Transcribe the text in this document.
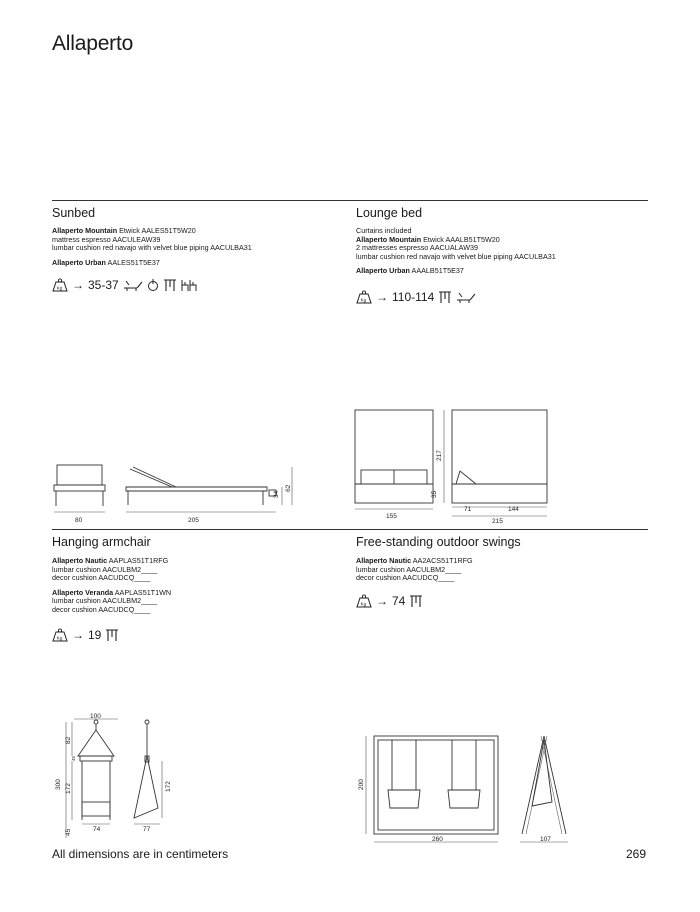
Allaperto
Sunbed
Allaperto Mountain Etwick AALES51T5W20
mattress espresso AACULEAW39
lumbar cushion red navajo with velvet blue piping AACULBA31
Allaperto Urban AALES51T5E37
Kg → 35-37
80	205
34
62
Lounge bed
Curtains included
Allaperto Mountain Etwick AAALB51T5W20
2 mattresses espresso AACUALAW39
lumbar cushion red navajo with velvet blue piping AACULBA31
Allaperto Urban AAALB51T5E37
Kg → 110-114
155
217
35
71	144
215
Hanging armchair
Allaperto Nautic AAPLAS51T1RFG
lumbar cushion AACULBM2____
decor cushion AACUDCQ____
Allaperto Veranda AAPLAS51T1WN
lumbar cushion AACULBM2____
decor cushion AACUDCQ____
Kg → 19
100
300
82
172
45
45	74	77
172
Free-standing outdoor swings
Allaperto Nautic AA2ACS51T1RFG
lumbar cushion AACULBM2____
decor cushion AACUDCQ____
Kg → 74
200
260	107
All dimensions are in centimeters	269
